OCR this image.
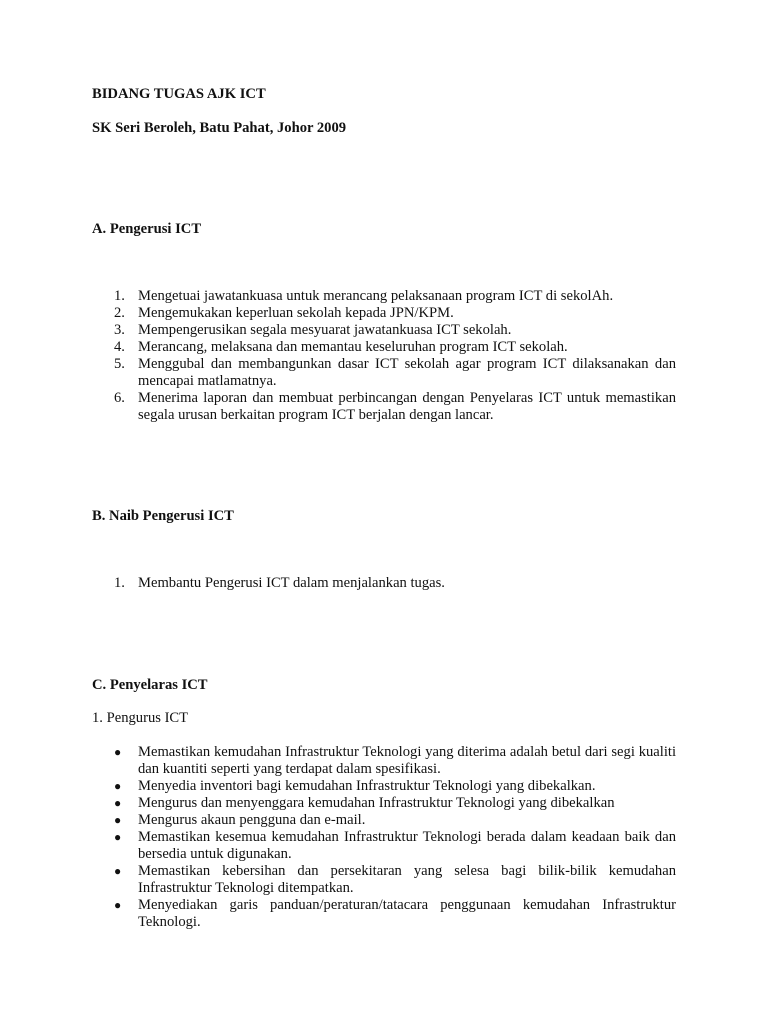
BIDANG TUGAS AJK ICT
SK Seri Beroleh, Batu Pahat, Johor 2009
A. Pengerusi ICT
1. Mengetuai jawatankuasa untuk merancang pelaksanaan program ICT di sekolAh.
2. Mengemukakan keperluan sekolah kepada JPN/KPM.
3. Mempengerusikan segala mesyuarat jawatankuasa ICT sekolah.
4. Merancang, melaksana dan memantau keseluruhan program ICT sekolah.
5. Menggubal dan membangunkan dasar ICT sekolah agar program ICT dilaksanakan dan mencapai matlamatnya.
6. Menerima laporan dan membuat perbincangan dengan Penyelaras ICT untuk memastikan segala urusan berkaitan program ICT berjalan dengan lancar.
B. Naib Pengerusi ICT
1. Membantu Pengerusi ICT dalam menjalankan tugas.
C. Penyelaras ICT
1. Pengurus ICT
● Memastikan kemudahan Infrastruktur Teknologi yang diterima adalah betul dari segi kualiti dan kuantiti seperti yang terdapat dalam spesifikasi.
● Menyedia inventori bagi kemudahan Infrastruktur Teknologi yang dibekalkan.
● Mengurus dan menyenggara kemudahan Infrastruktur Teknologi yang dibekalkan
● Mengurus akaun pengguna dan e-mail.
● Memastikan kesemua kemudahan Infrastruktur Teknologi berada dalam keadaan baik dan bersedia untuk digunakan.
● Memastikan kebersihan dan persekitaran yang selesa bagi bilik-bilik kemudahan Infrastruktur Teknologi ditempatkan.
● Menyediakan garis panduan/peraturan/tatacara penggunaan kemudahan Infrastruktur Teknologi.
